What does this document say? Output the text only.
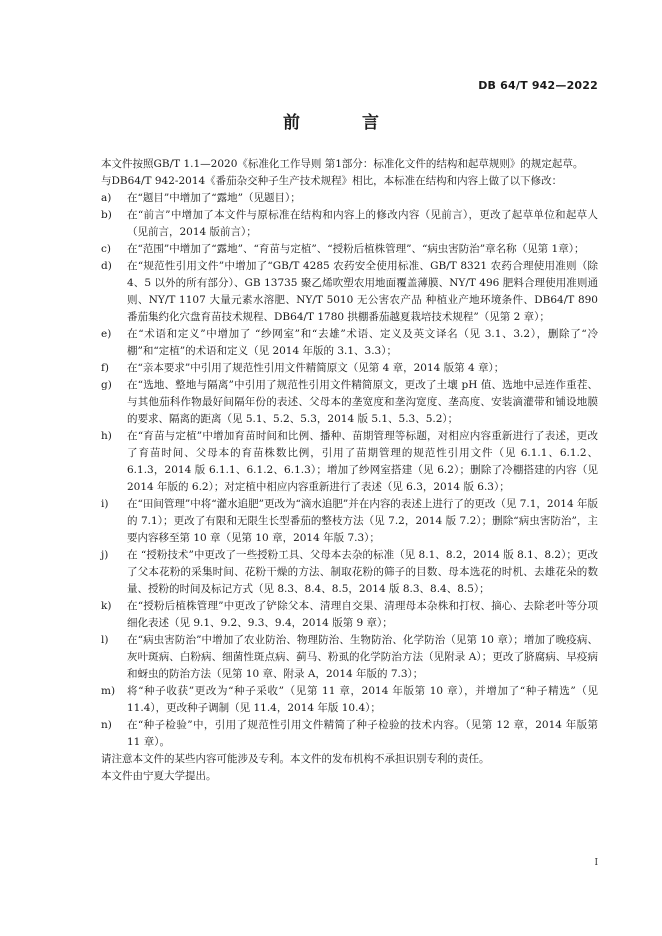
DB 64/T 942—2022
前 言

本文件按照GB/T 1.1—2020《标准化工作导则 第1部分：标准化文件的结构和起草规则》的规定起草。

与DB64/T 942-2014《番茄杂交种子生产技术规程》相比，本标准在结构和内容上做了以下修改：

a)	在“题目”中增加了“露地”（见题目）；
b)	在“前言”中增加了本文件与原标准在结构和内容上的修改内容（见前言），更改了起草单位和起草人（见前言，2014 版前言）；
c)	在“范围”中增加了“露地”、“育苗与定植”、“授粉后植株管理”、“病虫害防治”章名称（见第 1章）；
d)	在“规范性引用文件”中增加了“GB/T 4285 农药安全使用标准、GB/T 8321 农药合理使用准则（除 4、5 以外的所有部分）、GB 13735 聚乙烯吹塑农用地面覆盖薄膜、NY/T 496 肥料合理使用准则通则、NY/T 1107 大量元素水溶肥、NY/T 5010 无公害农产品 种植业产地环境条件、DB64/T 890 番茄集约化穴盘育苗技术规程、DB64/T 1780 拱棚番茄越夏栽培技术规程”（见第 2 章）；
e)	在“术语和定义”中增加了 “纱网室”和“去雄”术语、定义及英文译名（见 3.1、3.2），删除了“冷棚”和“定植”的术语和定义（见 2014 年版的 3.1、3.3）；
f)	在“亲本要求”中引用了规范性引用文件精简原文（见第 4 章，2014 版第 4 章）；
g)	在“选地、整地与隔离”中引用了规范性引用文件精简原文，更改了土壤 pH 值、选地中忌连作重茬、与其他茄科作物最好间隔年份的表述、父母本的垄宽度和垄沟宽度、垄高度、安装滴灌带和铺设地膜的要求、隔离的距离（见 5.1、5.2、5.3，2014 版 5.1、5.3、5.2）；
h)	在“育苗与定植”中增加育苗时间和比例、播种、苗期管理等标题，对相应内容重新进行了表述，更改了育苗时间、父母本的育苗株数比例，引用了苗期管理的规范性引用文件（见 6.1.1、6.1.2、6.1.3，2014 版 6.1.1、6.1.2、6.1.3）；增加了纱网室搭建（见 6.2）；删除了冷棚搭建的内容（见 2014 年版的 6.2）；对定植中相应内容重新进行了表述（见 6.3，2014 版 6.3）；
i)	在“田间管理”中将“灌水追肥”更改为“滴水追肥”并在内容的表述上进行了的更改（见 7.1，2014 年版的 7.1）；更改了有限和无限生长型番茄的整枝方法（见 7.2，2014 版 7.2）；删除“病虫害防治”，主要内容移至第 10 章（见第 10 章，2014 年版 7.3）；
j)	在 “授粉技术”中更改了一些授粉工具、父母本去杂的标准（见 8.1、8.2，2014 版 8.1、8.2）；更改了父本花粉的采集时间、花粉干燥的方法、制取花粉的筛子的目数、母本选花的时机、去雄花朵的数量、授粉的时间及标记方式（见 8.3、8.4、8.5，2014 版 8.3、8.4、8.5）；
k)	在“授粉后植株管理”中更改了铲除父本、清理自交果、清理母本杂株和打杈、摘心、去除老叶等分项细化表述（见 9.1、9.2、9.3、9.4，2014 版第 9 章）；
l)	在“病虫害防治”中增加了农业防治、物理防治、生物防治、化学防治（见第 10 章）；增加了晚疫病、灰叶斑病、白粉病、细菌性斑点病、蓟马、粉虱的化学防治方法（见附录 A）；更改了脐腐病、早疫病和蚜虫的防治方法（见第 10 章、附录 A，2014 年版的 7.3）；
m)	将“种子收获”更改为“种子采收”（见第 11 章，2014 年版第 10 章），并增加了“种子精选”（见 11.4），更改种子调制（见 11.4，2014 年版 10.4）；
n)	在“种子检验”中，引用了规范性引用文件精简了种子检验的技术内容。（见第 12 章，2014 年版第 11 章）。

请注意本文件的某些内容可能涉及专利。本文件的发布机构不承担识别专利的责任。

本文件由宁夏大学提出。

I
